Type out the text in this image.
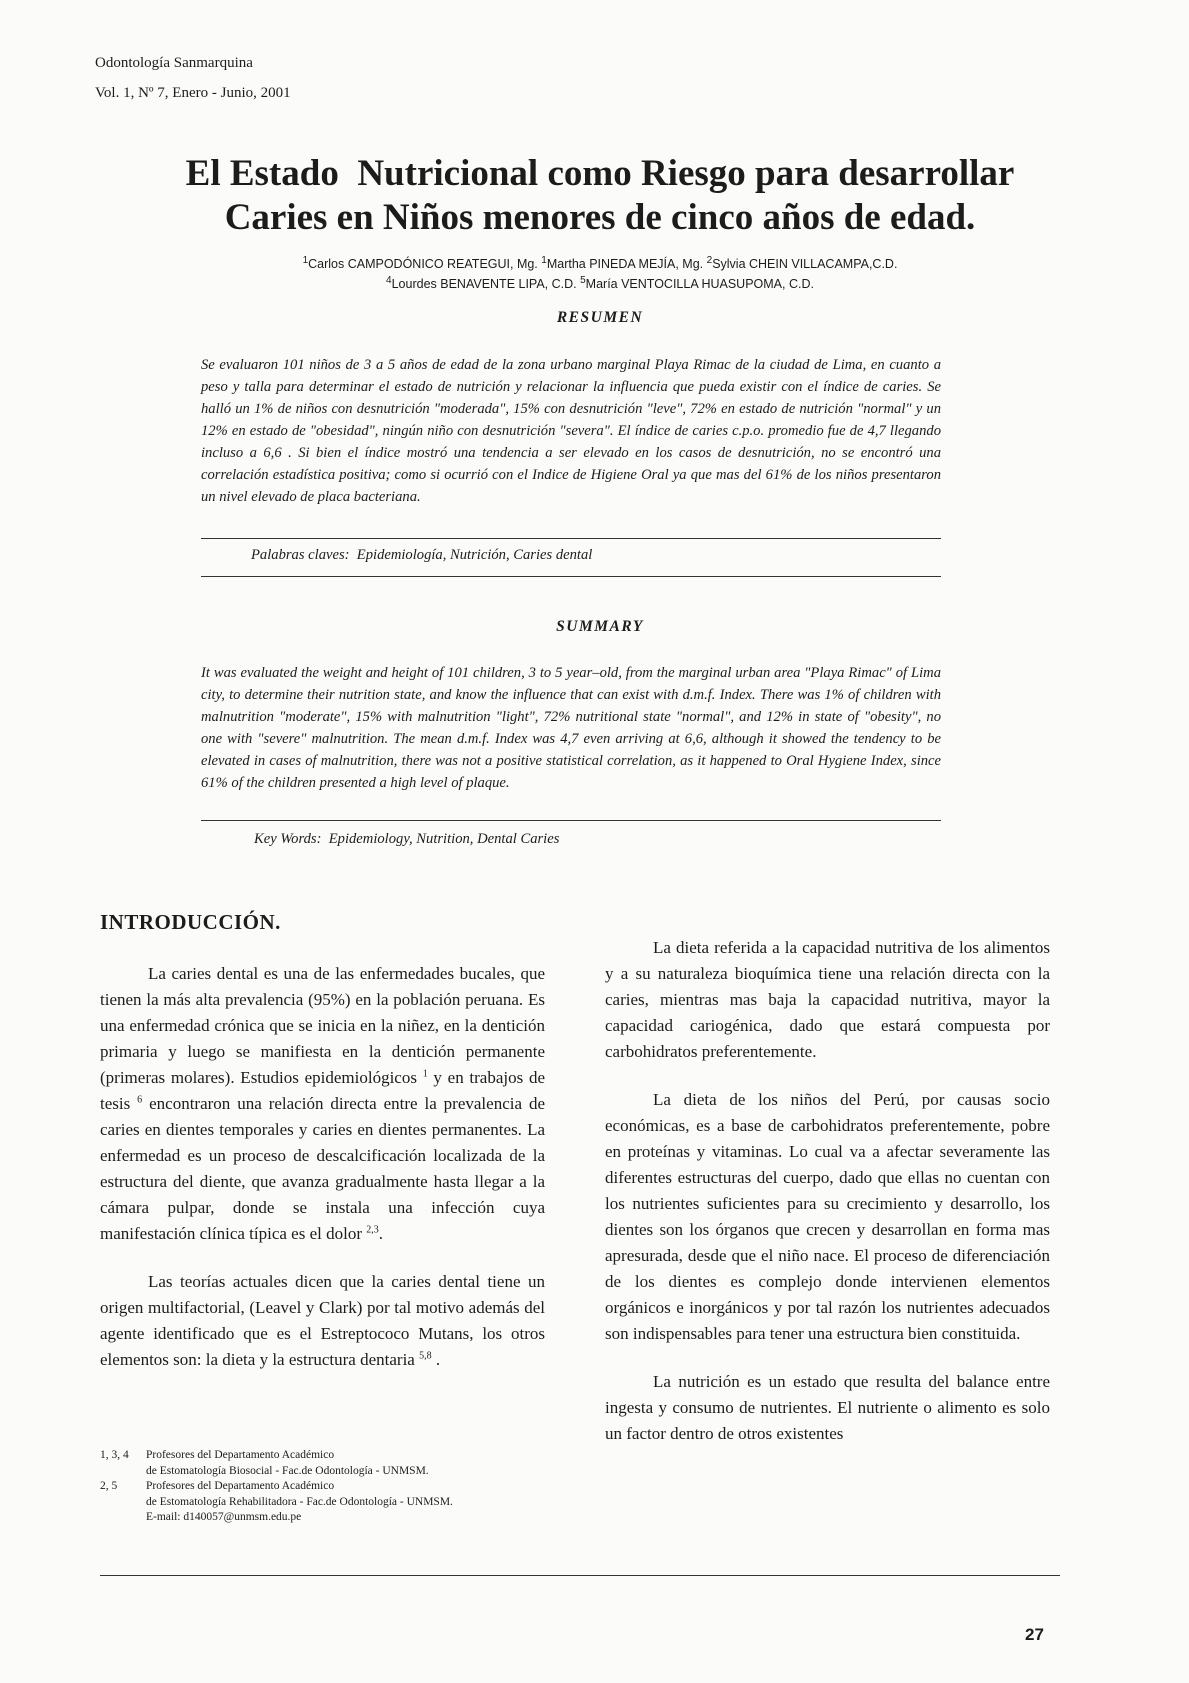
Odontología Sanmarquina
Vol. 1, Nº 7, Enero - Junio, 2001
El Estado  Nutricional como Riesgo para desarrollar
Caries en Niños menores de cinco años de edad.
$^1$Carlos CAMPODÓNICO REATEGUI, Mg. $^1$Martha PINEDA MEJÍA, Mg. $^2$Sylvia CHEIN VILLACAMPA,C.D.
$^4$Lourdes BENAVENTE LIPA, C.D. $^5$María VENTOCILLA HUASUPOMA, C.D.
RESUMEN
Se evaluaron 101 niños de 3 a 5 años de edad de la zona urbano marginal Playa Rimac de la ciudad de Lima, en cuanto a peso y talla para determinar el estado de nutrición y relacionar la influencia que pueda existir con el índice de caries. Se halló un 1% de niños con desnutrición "moderada", 15% con desnutrición "leve", 72% en estado de nutrición "normal" y un 12% en estado de "obesidad", ningún niño con desnutrición "severa". El índice de caries c.p.o. promedio fue de 4,7 llegando incluso a 6,6 . Si bien el índice mostró una tendencia a ser elevado en los casos de desnutrición, no se encontró una correlación estadística positiva; como si ocurrió con el Indice de Higiene Oral ya que mas del 61% de los niños presentaron un nivel elevado de placa bacteriana.
Palabras claves: Epidemiología, Nutrición, Caries dental
SUMMARY
It was evaluated the weight and height of 101 children, 3 to 5 year–old, from the marginal urban area "Playa Rimac" of Lima city, to determine their nutrition state, and know the influence that can exist with d.m.f. Index. There was 1% of children with malnutrition "moderate", 15% with malnutrition "light", 72% nutritional state "normal", and 12% in state of "obesity", no one with "severe" malnutrition. The mean d.m.f. Index was 4,7 even arriving at 6,6, although it showed the tendency to be elevated in cases of malnutrition, there was not a positive statistical correlation, as it happened to Oral Hygiene Index, since 61% of the children presented a high level of plaque.
Key Words: Epidemiology, Nutrition, Dental Caries
INTRODUCCIÓN.

La caries dental es una de las enfermedades bucales, que tienen la más alta prevalencia (95%) en la población peruana. Es una enfermedad crónica que se inicia en la niñez, en la dentición primaria y luego se manifiesta en la dentición permanente (primeras molares). Estudios epidemiológicos $^1$ y en trabajos de tesis $^6$ encontraron una relación directa entre la prevalencia de caries en dientes temporales y caries en dientes permanentes. La enfermedad es un proceso de descalcificación localizada de la estructura del diente, que avanza gradualmente hasta llegar a la cámara pulpar, donde se instala una infección cuya manifestación clínica típica es el dolor $^{2,3}$.

Las teorías actuales dicen que la caries dental tiene un origen multifactorial, (Leavel y Clark) por tal motivo además del agente identificado que es el Estreptococo Mutans, los otros elementos son: la dieta y la estructura dentaria $^{5,8}$ .

La dieta referida a la capacidad nutritiva de los alimentos y a su naturaleza bioquímica tiene una relación directa con la caries, mientras mas baja la capacidad nutritiva, mayor la capacidad cariogénica, dado que estará compuesta por carbohidratos preferentemente.

La dieta de los niños del Perú, por causas socio económicas, es a base de carbohidratos preferentemente, pobre en proteínas y vitaminas. Lo cual va a afectar severamente las diferentes estructuras del cuerpo, dado que ellas no cuentan con los nutrientes suficientes para su crecimiento y desarrollo, los dientes son los órganos que crecen y desarrollan en forma mas apresurada, desde que el niño nace. El proceso de diferenciación de los dientes es complejo donde intervienen elementos orgánicos e inorgánicos y por tal razón los nutrientes adecuados son indispensables para tener una estructura bien constituida.

La nutrición es un estado que resulta del balance entre ingesta y consumo de nutrientes. El nutriente o alimento es solo un factor dentro de otros existentes

1, 3, 4	Profesores del Departamento Académico
de Estomatología Biosocial - Fac.de Odontología - UNMSM.
2, 5	Profesores del Departamento Académico
de Estomatología Rehabilitadora - Fac.de Odontología - UNMSM.
E-mail: d140057@unmsm.edu.pe
27
